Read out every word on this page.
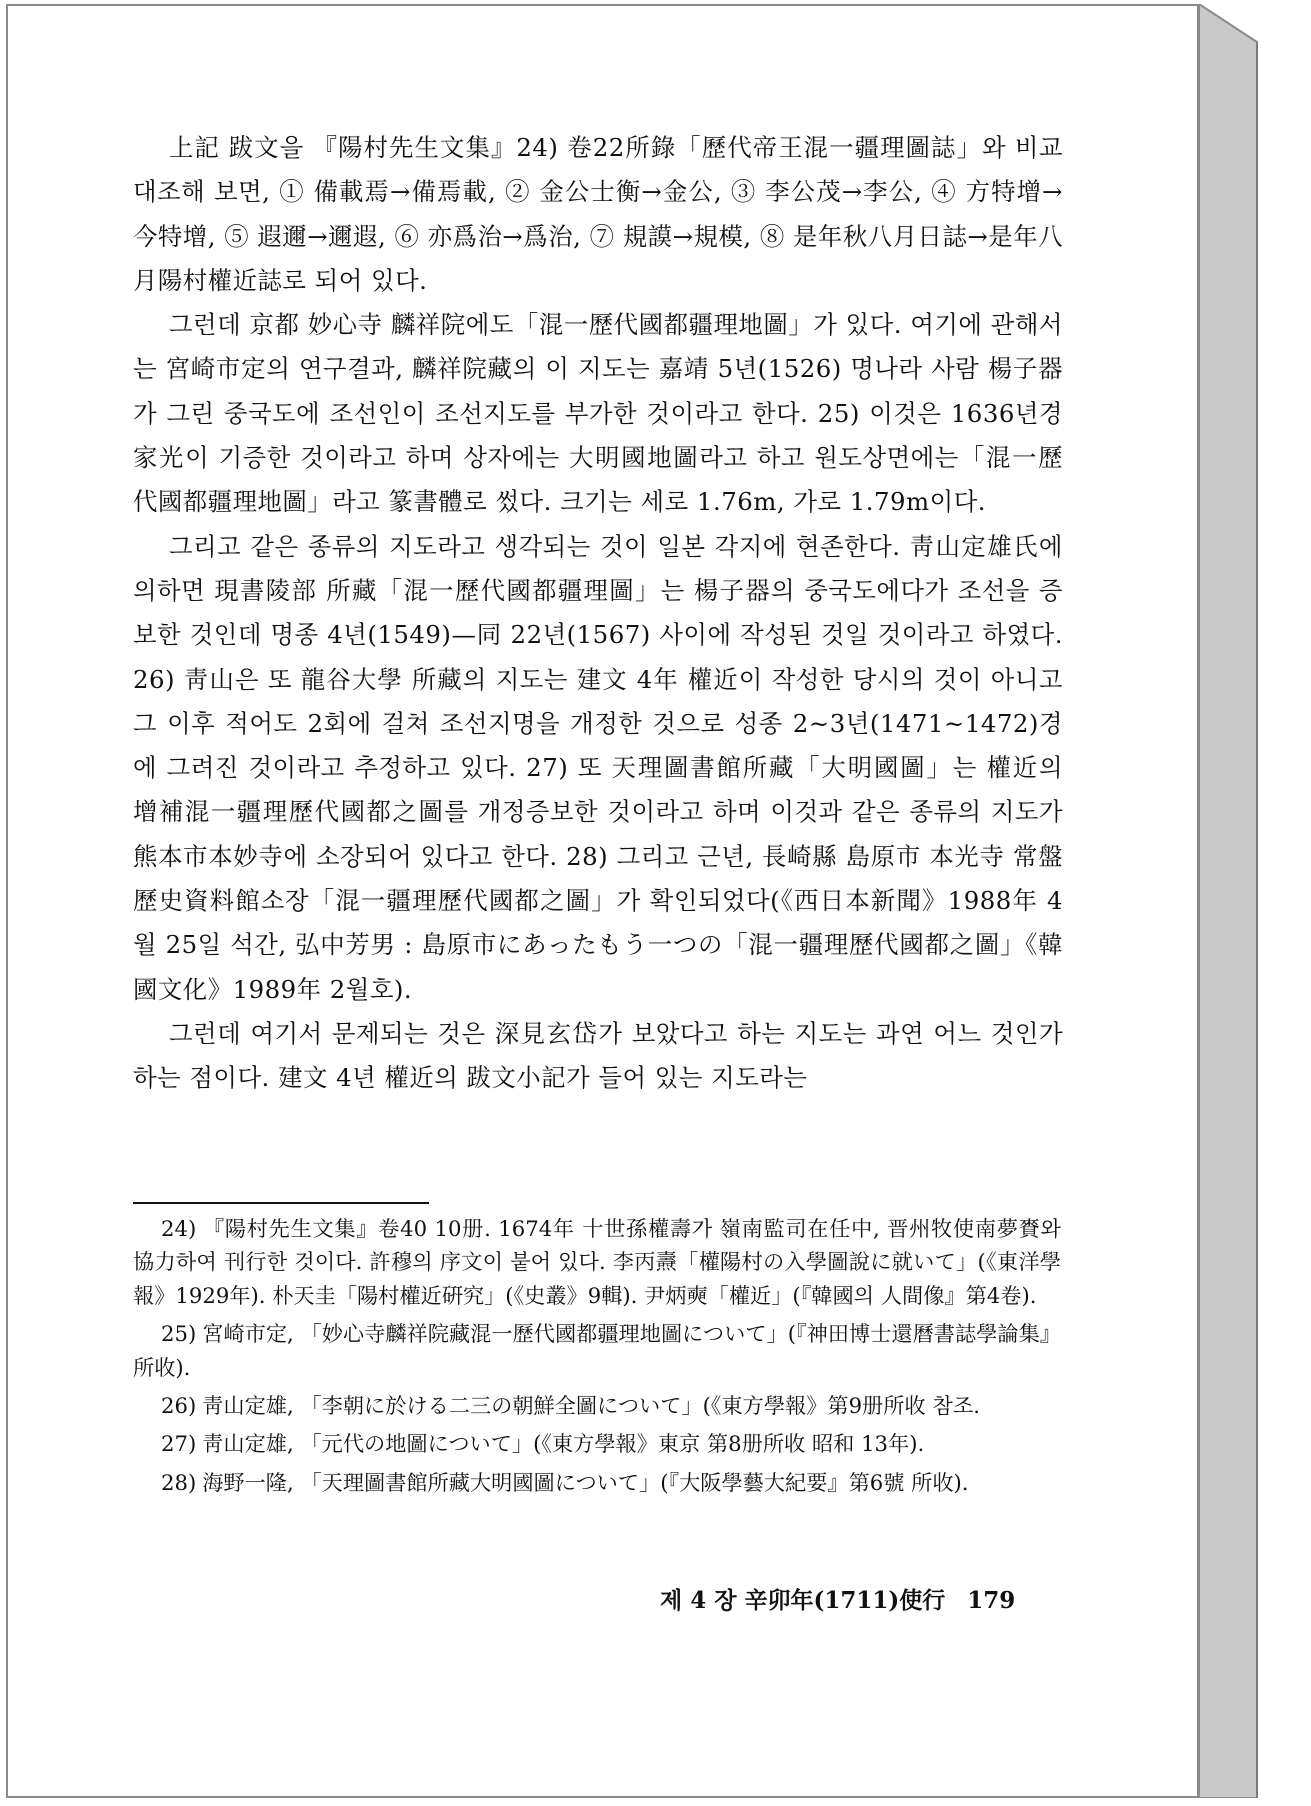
上記 跋文을 『陽村先生文集』24) 卷22所錄「歷代帝王混一疆理圖誌」와 비교 대조해 보면, ① 備載焉→備焉載, ② 金公士衡→金公, ③ 李公茂→李公, ④ 方特增→今特增, ⑤ 遐邇→邇遐, ⑥ 亦爲治→爲治, ⑦ 規謨→規模, ⑧ 是年秋八月日誌→是年八月陽村權近誌로 되어 있다.

그런데 京都 妙心寺 麟祥院에도「混一歷代國都疆理地圖」가 있다. 여기에 관해서는 宮崎市定의 연구결과, 麟祥院藏의 이 지도는 嘉靖 5년(1526) 명나라 사람 楊子器가 그린 중국도에 조선인이 조선지도를 부가한 것이라고 한다. 25) 이것은 1636년경 家光이 기증한 것이라고 하며 상자에는 大明國地圖라고 하고 원도상면에는「混一歷代國都疆理地圖」라고 篆書體로 썼다. 크기는 세로 1.76m, 가로 1.79m이다.

그리고 같은 종류의 지도라고 생각되는 것이 일본 각지에 현존한다. 靑山定雄氏에 의하면 現書陵部 所藏「混一歷代國都疆理圖」는 楊子器의 중국도에다가 조선을 증보한 것인데 명종 4년(1549)—同 22년(1567) 사이에 작성된 것일 것이라고 하였다. 26) 靑山은 또 龍谷大學 所藏의 지도는 建文 4年 權近이 작성한 당시의 것이 아니고 그 이후 적어도 2회에 걸쳐 조선지명을 개정한 것으로 성종 2~3년(1471~1472)경에 그려진 것이라고 추정하고 있다. 27) 또 天理圖書館所藏「大明國圖」는 權近의 增補混一疆理歷代國都之圖를 개정증보한 것이라고 하며 이것과 같은 종류의 지도가 熊本市本妙寺에 소장되어 있다고 한다. 28) 그리고 근년, 長崎縣 島原市 本光寺 常盤歷史資料館소장「混一疆理歷代國都之圖」가 확인되었다(《西日本新聞》1988年 4월 25일 석간, 弘中芳男 : 島原市にあったもう一つの「混一疆理歷代國都之圖」《韓國文化》1989年 2월호).

그런데 여기서 문제되는 것은 深見玄岱가 보았다고 하는 지도는 과연 어느 것인가 하는 점이다. 建文 4년 權近의 跋文小記가 들어 있는 지도라는

24) 『陽村先生文集』卷40 10册. 1674年 十世孫權壽가 嶺南監司在任中, 晋州牧使南夢賚와 協力하여 刊行한 것이다. 許穆의 序文이 붙어 있다. 李丙燾「權陽村の入學圖說に就いて」(《東洋學報》1929年). 朴天圭「陽村權近硏究」(《史叢》9輯). 尹炳奭「權近」(『韓國의 人間像』第4卷).

25) 宮崎市定, 「妙心寺麟祥院藏混一歷代國都疆理地圖について」(『神田博士還曆書誌學論集』所收).

26) 靑山定雄, 「李朝に於ける二三の朝鮮全圖について」(《東方學報》第9册所收 참조.

27) 靑山定雄, 「元代の地圖について」(《東方學報》東京 第8册所收 昭和 13年).

28) 海野一隆, 「天理圖書館所藏大明國圖について」(『大阪學藝大紀要』第6號 所收).

제 4 장 辛卯年(1711)使行 179
